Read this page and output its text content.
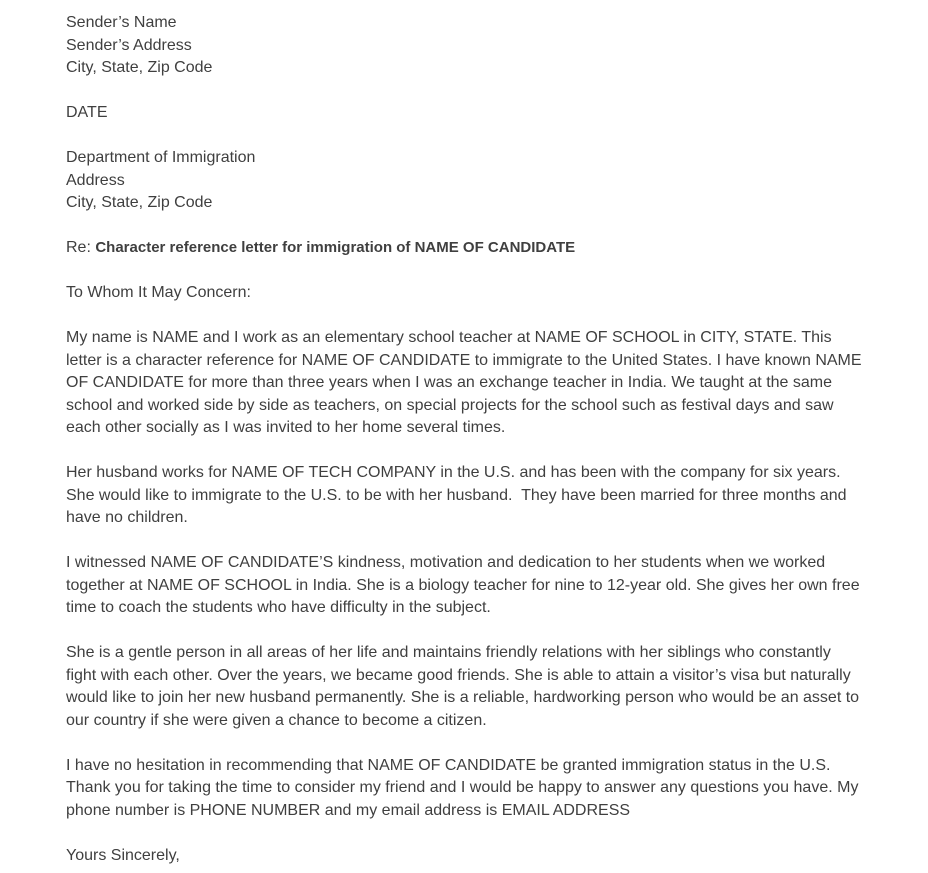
Sender’s Name

Sender’s Address

City, State, Zip Code

DATE

Department of Immigration

Address

City, State, Zip Code

Re: Character reference letter for immigration of NAME OF CANDIDATE

To Whom It May Concern:

My name is NAME and I work as an elementary school teacher at NAME OF SCHOOL in CITY, STATE. This letter is a character reference for NAME OF CANDIDATE to immigrate to the United States. I have known NAME OF CANDIDATE for more than three years when I was an exchange teacher in India. We taught at the same school and worked side by side as teachers, on special projects for the school such as festival days and saw each other socially as I was invited to her home several times.

Her husband works for NAME OF TECH COMPANY in the U.S. and has been with the company for six years. She would like to immigrate to the U.S. to be with her husband.  They have been married for three months and have no children.

I witnessed NAME OF CANDIDATE’S kindness, motivation and dedication to her students when we worked together at NAME OF SCHOOL in India. She is a biology teacher for nine to 12-year old. She gives her own free time to coach the students who have difficulty in the subject.

She is a gentle person in all areas of her life and maintains friendly relations with her siblings who constantly fight with each other. Over the years, we became good friends. She is able to attain a visitor’s visa but naturally would like to join her new husband permanently. She is a reliable, hardworking person who would be an asset to our country if she were given a chance to become a citizen.

I have no hesitation in recommending that NAME OF CANDIDATE be granted immigration status in the U.S. Thank you for taking the time to consider my friend and I would be happy to answer any questions you have. My phone number is PHONE NUMBER and my email address is EMAIL ADDRESS

Yours Sincerely,
